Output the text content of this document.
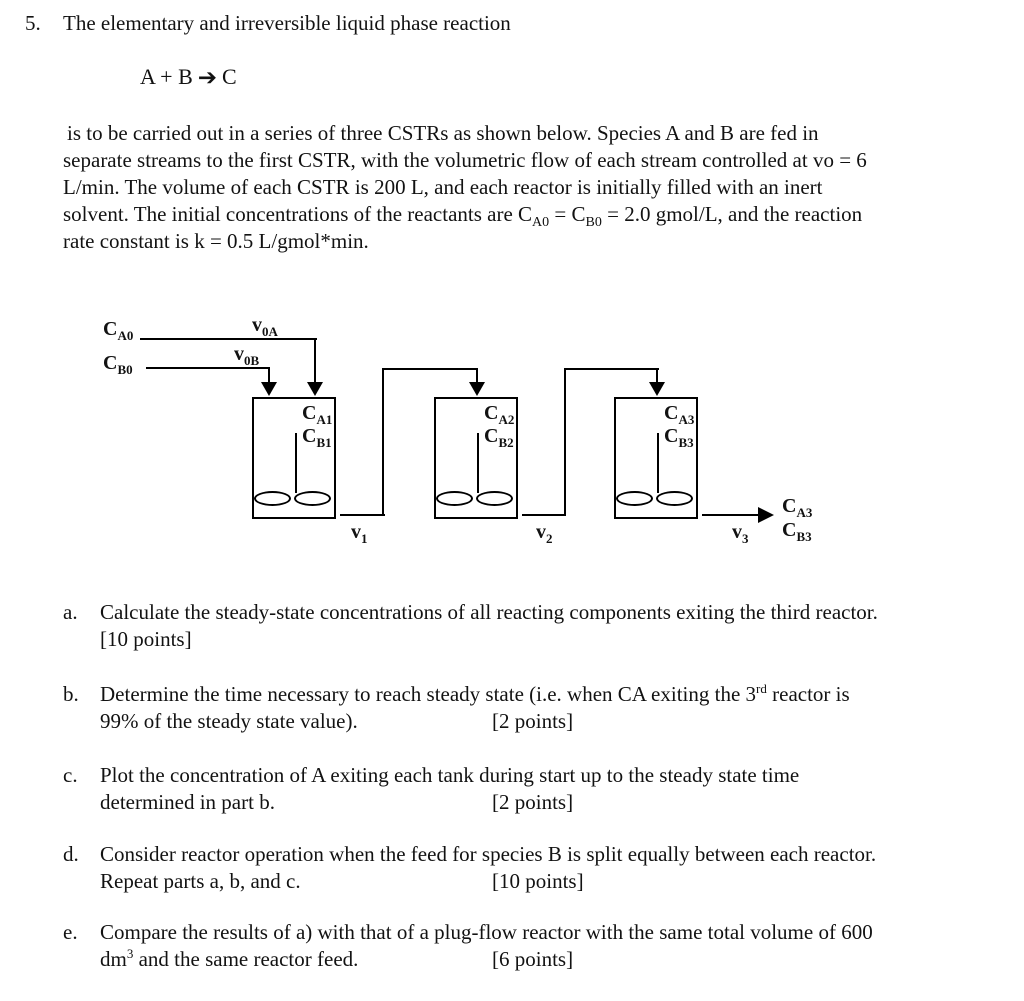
5. The elementary and irreversible liquid phase reaction
A + B ➔ C
is to be carried out in a series of three CSTRs as shown below. Species A and B are fed in
separate streams to the first CSTR, with the volumetric flow of each stream controlled at vo = 6
L/min. The volume of each CSTR is 200 L, and each reactor is initially filled with an inert
solvent. The initial concentrations of the reactants are $C_{A0} = C_{B0} = 2.0$ gmol/L, and the reaction
rate constant is k = 0.5 L/gmol*min.
$C_{A0}$	$v_{0A}$
$C_{B0}$
$v_{0B}$
$C_{A1}$
$C_{B1}$
$v_1$
$C_{A2}$
$C_{B2}$
$v_2$
$C_{A3}$
$C_{B3}$
$v_3$
$C_{A3}$
$C_{B3}$
a. Calculate the steady-state concentrations of all reacting components exiting the third reactor.
[10 points]
b. Determine the time necessary to reach steady state (i.e. when CA exiting the 3rd reactor is
99% of the steady state value).	[2 points]
c. Plot the concentration of A exiting each tank during start up to the steady state time
determined in part b.	[2 points]
d. Consider reactor operation when the feed for species B is split equally between each reactor.
Repeat parts a, b, and c.	[10 points]
e. Compare the results of a) with that of a plug-flow reactor with the same total volume of 600
$dm^3$ and the same reactor feed.	[6 points]
